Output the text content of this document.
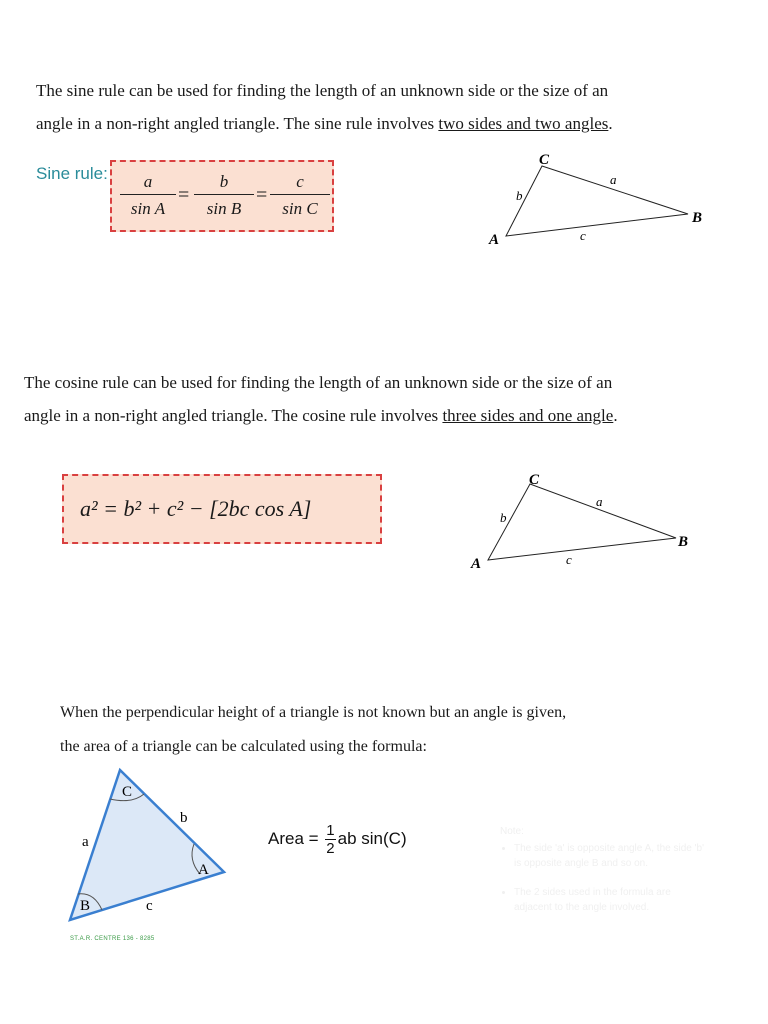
The sine rule can be used for finding the length of an unknown side or the size of an
angle in a non-right angled triangle. The sine rule involves two sides and two angles.

Sine rule: $\frac{a}{\text{sin A}} = \frac{b}{\text{sin B}} = \frac{c}{\text{sin C}}$
C
A
B
a
b
c

The cosine rule can be used for finding the length of an unknown side or the size of an
angle in a non-right angled triangle. The cosine rule involves three sides and one angle.

a² = b² + c² − [2bc cos A]
C
A
B
a
b
c

When the perpendicular height of a triangle is not known but an angle is given,
the area of a triangle can be calculated using the formula:

C
A
B
a
b
c
Area = $\frac{1}{2}$ ab sin(C)
ST.A.R. CENTRE 136 - 8285
Note:
• The side 'a' is opposite angle A, the side 'b' is opposite angle B and so on.
• The 2 sides used in the formula are adjacent to the angle involved.
